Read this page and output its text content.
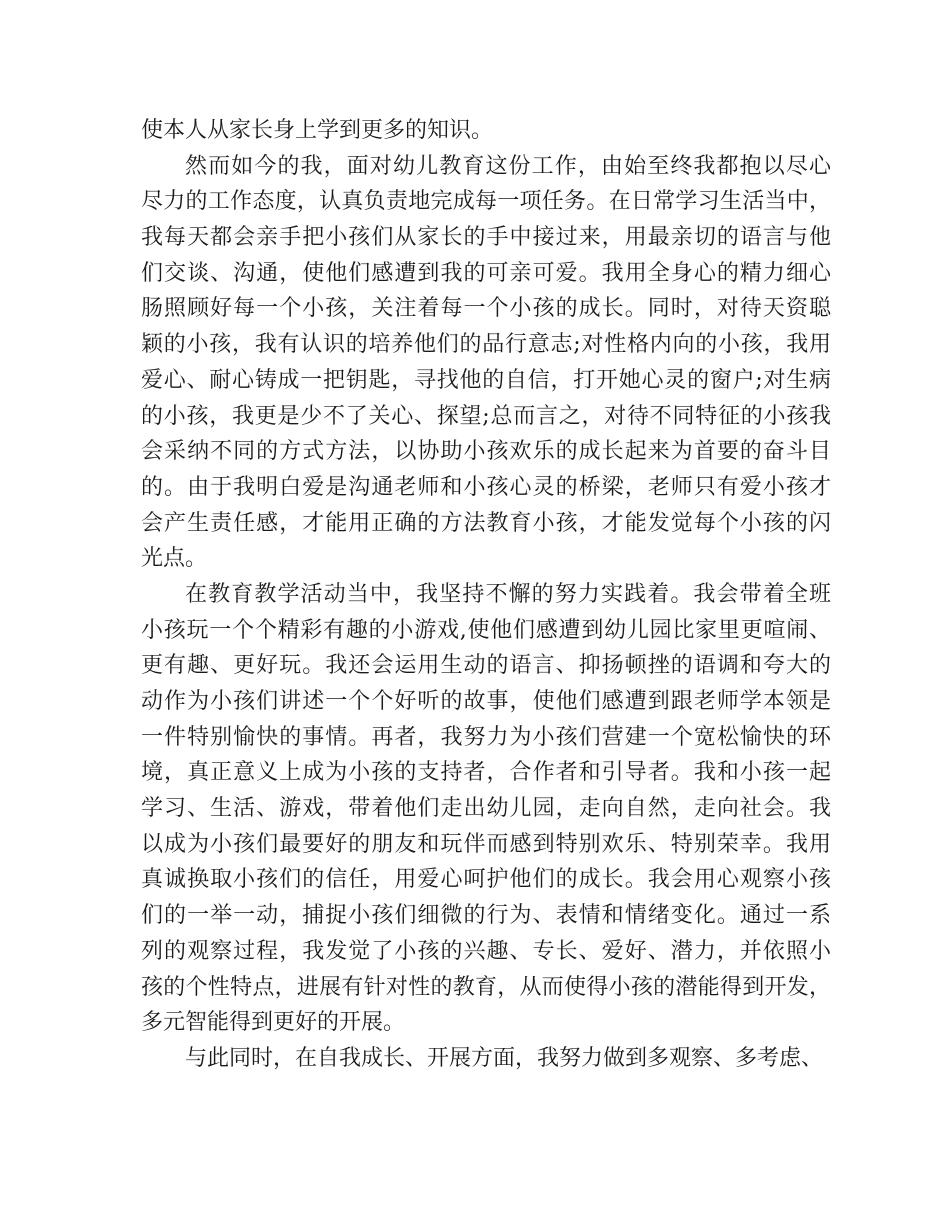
使本人从家长身上学到更多的知识。
然而如今的我，面对幼儿教育这份工作，由始至终我都抱以尽心
尽力的工作态度，认真负责地完成每一项任务。在日常学习生活当中，
我每天都会亲手把小孩们从家长的手中接过来，用最亲切的语言与他
们交谈、沟通，使他们感遭到我的可亲可爱。我用全身心的精力细心
肠照顾好每一个小孩，关注着每一个小孩的成长。同时，对待天资聪
颖的小孩，我有认识的培养他们的品行意志;对性格内向的小孩，我用
爱心、耐心铸成一把钥匙，寻找他的自信，打开她心灵的窗户;对生病
的小孩，我更是少不了关心、探望;总而言之，对待不同特征的小孩我
会采纳不同的方式方法，以协助小孩欢乐的成长起来为首要的奋斗目
的。由于我明白爱是沟通老师和小孩心灵的桥梁，老师只有爱小孩才
会产生责任感，才能用正确的方法教育小孩，才能发觉每个小孩的闪
光点。
在教育教学活动当中，我坚持不懈的努力实践着。我会带着全班
小孩玩一个个精彩有趣的小游戏,使他们感遭到幼儿园比家里更喧闹、
更有趣、更好玩。我还会运用生动的语言、抑扬顿挫的语调和夸大的
动作为小孩们讲述一个个好听的故事，使他们感遭到跟老师学本领是
一件特别愉快的事情。再者，我努力为小孩们营建一个宽松愉快的环
境，真正意义上成为小孩的支持者，合作者和引导者。我和小孩一起
学习、生活、游戏，带着他们走出幼儿园，走向自然，走向社会。我
以成为小孩们最要好的朋友和玩伴而感到特别欢乐、特别荣幸。我用
真诚换取小孩们的信任，用爱心呵护他们的成长。我会用心观察小孩
们的一举一动，捕捉小孩们细微的行为、表情和情绪变化。通过一系
列的观察过程，我发觉了小孩的兴趣、专长、爱好、潜力，并依照小
孩的个性特点，进展有针对性的教育，从而使得小孩的潜能得到开发，
多元智能得到更好的开展。
与此同时，在自我成长、开展方面，我努力做到多观察、多考虑、
